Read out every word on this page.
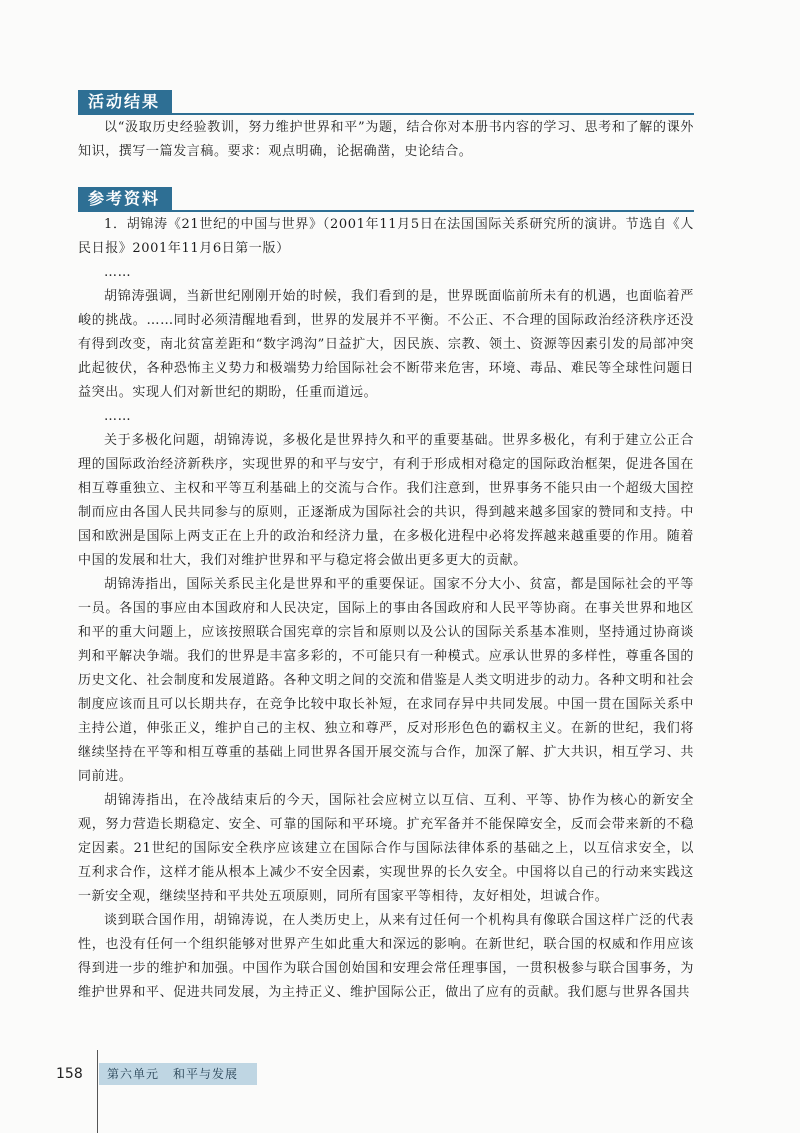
活动结果

以“汲取历史经验教训，努力维护世界和平”为题，结合你对本册书内容的学习、思考和了解的课外知识，撰写一篇发言稿。要求：观点明确，论据确凿，史论结合。

参考资料

1．胡锦涛《21世纪的中国与世界》（2001年11月5日在法国国际关系研究所的演讲。节选自《人民日报》2001年11月6日第一版）

……

胡锦涛强调，当新世纪刚刚开始的时候，我们看到的是，世界既面临前所未有的机遇，也面临着严峻的挑战。……同时必须清醒地看到，世界的发展并不平衡。不公正、不合理的国际政治经济秩序还没有得到改变，南北贫富差距和“数字鸿沟”日益扩大，因民族、宗教、领土、资源等因素引发的局部冲突此起彼伏，各种恐怖主义势力和极端势力给国际社会不断带来危害，环境、毒品、难民等全球性问题日益突出。实现人们对新世纪的期盼，任重而道远。

……

关于多极化问题，胡锦涛说，多极化是世界持久和平的重要基础。世界多极化，有利于建立公正合理的国际政治经济新秩序，实现世界的和平与安宁，有利于形成相对稳定的国际政治框架，促进各国在相互尊重独立、主权和平等互利基础上的交流与合作。我们注意到，世界事务不能只由一个超级大国控制而应由各国人民共同参与的原则，正逐渐成为国际社会的共识，得到越来越多国家的赞同和支持。中国和欧洲是国际上两支正在上升的政治和经济力量，在多极化进程中必将发挥越来越重要的作用。随着中国的发展和壮大，我们对维护世界和平与稳定将会做出更多更大的贡献。

胡锦涛指出，国际关系民主化是世界和平的重要保证。国家不分大小、贫富，都是国际社会的平等一员。各国的事应由本国政府和人民决定，国际上的事由各国政府和人民平等协商。在事关世界和地区和平的重大问题上，应该按照联合国宪章的宗旨和原则以及公认的国际关系基本准则，坚持通过协商谈判和平解决争端。我们的世界是丰富多彩的，不可能只有一种模式。应承认世界的多样性，尊重各国的历史文化、社会制度和发展道路。各种文明之间的交流和借鉴是人类文明进步的动力。各种文明和社会制度应该而且可以长期共存，在竞争比较中取长补短，在求同存异中共同发展。中国一贯在国际关系中主持公道，伸张正义，维护自己的主权、独立和尊严，反对形形色色的霸权主义。在新的世纪，我们将继续坚持在平等和相互尊重的基础上同世界各国开展交流与合作，加深了解、扩大共识，相互学习、共同前进。

胡锦涛指出，在冷战结束后的今天，国际社会应树立以互信、互利、平等、协作为核心的新安全观，努力营造长期稳定、安全、可靠的国际和平环境。扩充军备并不能保障安全，反而会带来新的不稳定因素。21世纪的国际安全秩序应该建立在国际合作与国际法律体系的基础之上，以互信求安全，以互利求合作，这样才能从根本上减少不安全因素，实现世界的长久安全。中国将以自己的行动来实践这一新安全观，继续坚持和平共处五项原则，同所有国家平等相待，友好相处，坦诚合作。

谈到联合国作用，胡锦涛说，在人类历史上，从来有过任何一个机构具有像联合国这样广泛的代表性，也没有任何一个组织能够对世界产生如此重大和深远的影响。在新世纪，联合国的权威和作用应该得到进一步的维护和加强。中国作为联合国创始国和安理会常任理事国，一贯积极参与联合国事务，为维护世界和平、促进共同发展，为主持正义、维护国际公正，做出了应有的贡献。我们愿与世界各国共

158	第六单元 和平与发展
